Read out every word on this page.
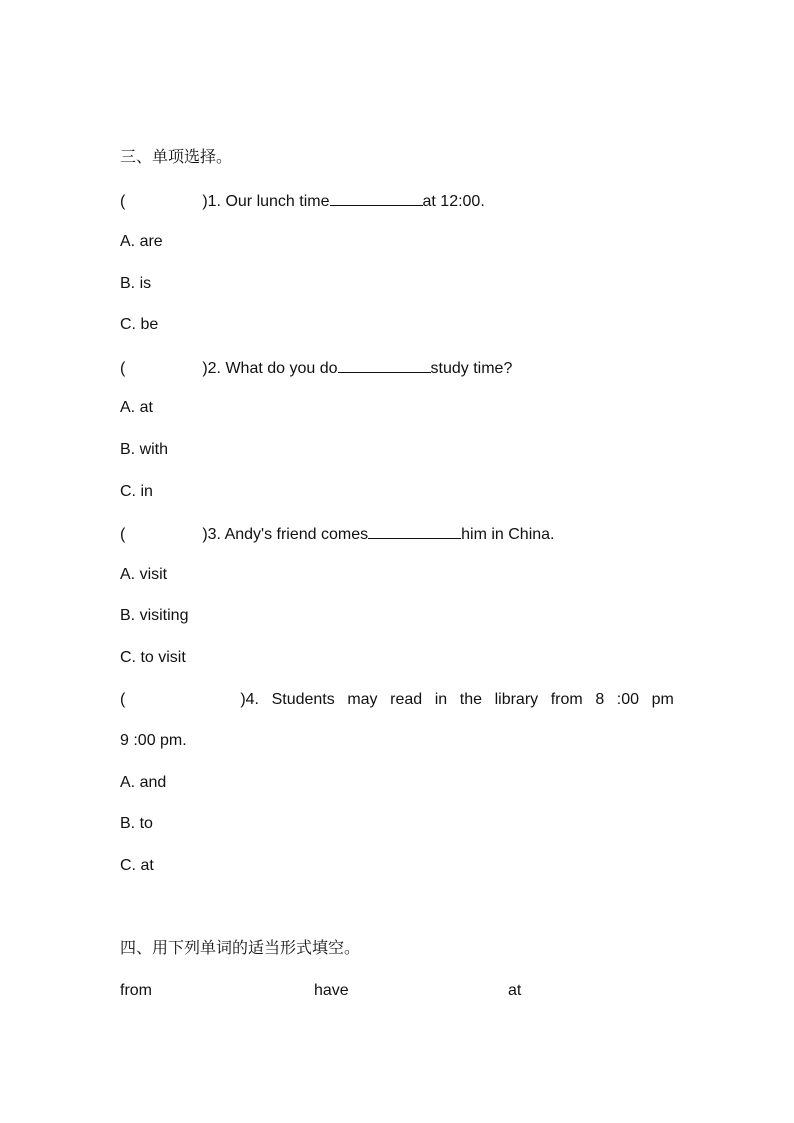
三、单项选择。
(	)1. Our lunch time	at 12:00.
A. are
B. is
C. be
(	)2. What do you do	study time?
A. at
B. with
C. in
(	)3. Andy's friend comes	him in China.
A. visit
B. visiting
C. to visit
(	)4. Students may read in the library from 8 :00 pm
9 :00 pm.
A. and
B. to
C. at
四、用下列单词的适当形式填空。
from	have	at
